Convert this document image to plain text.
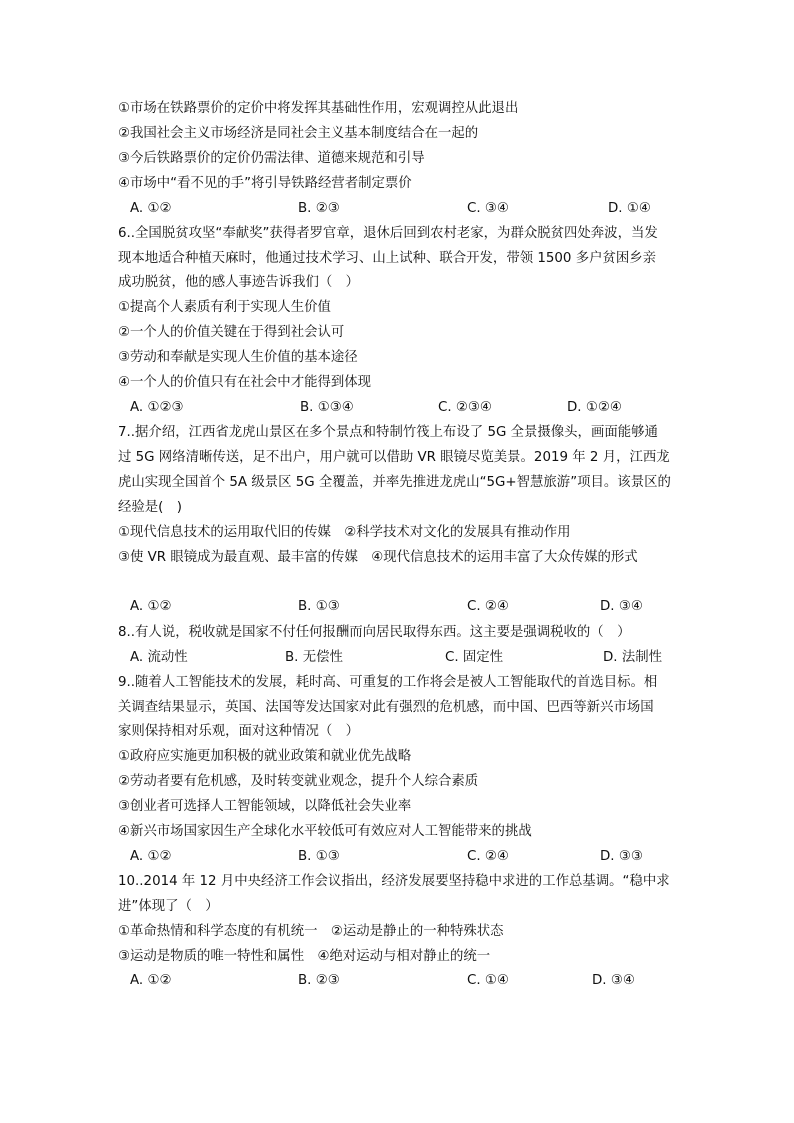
①市场在铁路票价的定价中将发挥其基础性作用，宏观调控从此退出
②我国社会主义市场经济是同社会主义基本制度结合在一起的
③今后铁路票价的定价仍需法律、道德来规范和引导
④市场中“看不见的手”将引导铁路经营者制定票价
A. ①②	B. ②③	C. ③④	D. ①④
6..全国脱贫攻坚“奉献奖”获得者罗官章，退休后回到农村老家，为群众脱贫四处奔波，当发
现本地适合种植天麻时，他通过技术学习、山上试种、联合开发，带领 1500 多户贫困乡亲
成功脱贫，他的感人事迹告诉我们（　）
①提高个人素质有利于实现人生价值
②一个人的价值关键在于得到社会认可
③劳动和奉献是实现人生价值的基本途径
④一个人的价值只有在社会中才能得到体现
A. ①②③	B. ①③④	C. ②③④	D. ①②④
7..据介绍，江西省龙虎山景区在多个景点和特制竹筏上布设了 5G 全景摄像头，画面能够通
过 5G 网络清晰传送，足不出户，用户就可以借助 VR 眼镜尽览美景。2019 年 2 月，江西龙
虎山实现全国首个 5A 级景区 5G 全覆盖，并率先推进龙虎山“5G+智慧旅游”项目。该景区的
经验是(　)
①现代信息技术的运用取代旧的传媒　②科学技术对文化的发展具有推动作用
③使 VR 眼镜成为最直观、最丰富的传媒　④现代信息技术的运用丰富了大众传媒的形式
A. ①②	B. ①③	C. ②④	D. ③④
8..有人说，税收就是国家不付任何报酬而向居民取得东西。这主要是强调税收的（　）
A. 流动性	B. 无偿性	C. 固定性	D. 法制性
9..随着人工智能技术的发展，耗时高、可重复的工作将会是被人工智能取代的首选目标。相
关调查结果显示，英国、法国等发达国家对此有强烈的危机感，而中国、巴西等新兴市场国
家则保持相对乐观，面对这种情况（　）
①政府应实施更加积极的就业政策和就业优先战略
②劳动者要有危机感，及时转变就业观念，提升个人综合素质
③创业者可选择人工智能领域，以降低社会失业率
④新兴市场国家因生产全球化水平较低可有效应对人工智能带来的挑战
A. ①②	B. ①③	C. ②④	D. ③③
10..2014 年 12 月中央经济工作会议指出，经济发展要坚持稳中求进的工作总基调。“稳中求
进”体现了（　）
①革命热情和科学态度的有机统一　②运动是静止的一种特殊状态
③运动是物质的唯一特性和属性　④绝对运动与相对静止的统一
A. ①②	B. ②③	C. ①④	D. ③④
